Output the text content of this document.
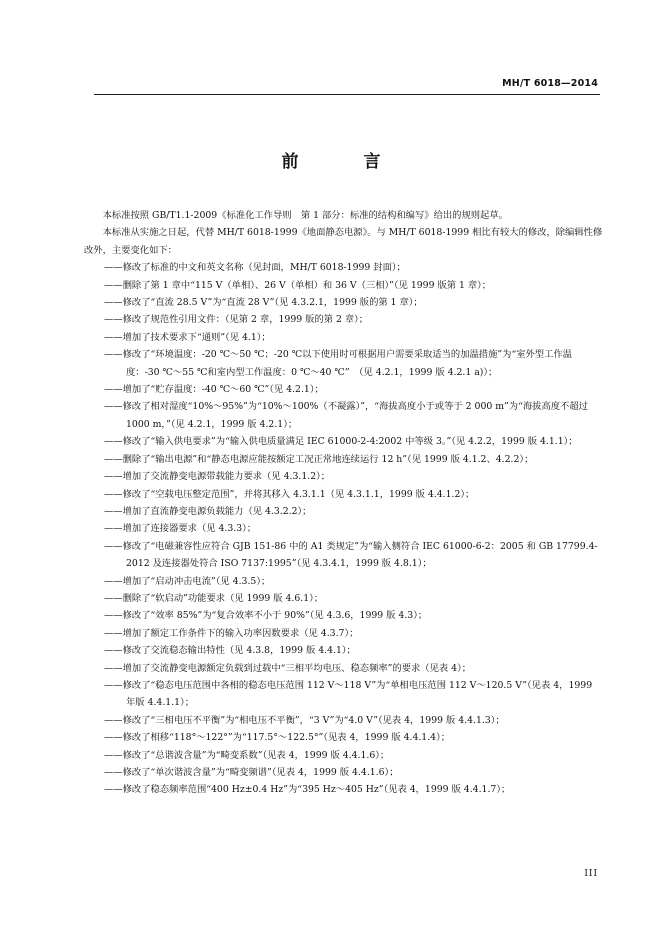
MH/T 6018—2014
前　言

本标准按照 GB/T1.1-2009《标准化工作导则　第 1 部分：标准的结构和编写》给出的规则起草。

本标准从实施之日起，代替 MH/T 6018-1999《地面静态电源》。与 MH/T 6018-1999 相比有较大的修改，除编辑性修改外，主要变化如下：

——修改了标准的中文和英文名称（见封面，MH/T 6018-1999 封面）；

——删除了第 1 章中“115 V（单相）、26 V（单相）和 36 V（三相）”（见 1999 版第 1 章）；

——修改了“直流 28.5 V”为“直流 28 V”（见 4.3.2.1，1999 版的第 1 章）；

——修改了规范性引用文件：（见第 2 章，1999 版的第 2 章）；

——增加了技术要求下“通则”（见 4.1）；

——修改了“环境温度：-20 ℃～50 ℃；-20 ℃以下使用时可根据用户需要采取适当的加温措施”为“室外型工作温度：-30 ℃～55 ℃和室内型工作温度：0 ℃～40 ℃”　（见 4.2.1，1999 版 4.2.1 a)）；

——增加了“贮存温度：-40 ℃～60 ℃”（见 4.2.1）；

——修改了相对湿度“10%～95%”为“10%～100%（不凝露）”，“海拔高度小于或等于 2 000 m”为“海拔高度不超过 1000 m，”（见 4.2.1，1999 版 4.2.1）；

——修改了“输入供电要求”为“输入供电质量满足 IEC 61000-2-4:2002 中等级 3。”（见 4.2.2，1999 版 4.1.1）；

——删除了“输出电源”和“静态电源应能按额定工况正常地连续运行 12 h”（见 1999 版 4.1.2、4.2.2）；

——增加了交流静变电源带载能力要求（见 4.3.1.2）；

——修改了“空载电压整定范围”，并将其移入 4.3.1.1（见 4.3.1.1，1999 版 4.4.1.2）；

——增加了直流静变电源负载能力（见 4.3.2.2）；

——增加了连接器要求（见 4.3.3）；

——修改了“电磁兼容性应符合 GJB 151-86 中的 A1 类规定”为“输入侧符合 IEC 61000-6-2：2005 和 GB 17799.4-2012 及连接器处符合 ISO 7137:1995”（见 4.3.4.1，1999 版 4.8.1）；

——增加了“启动冲击电流”（见 4.3.5）；

——删除了“软启动”功能要求（见 1999 版 4.6.1）；

——修改了“效率 85%”为“复合效率不小于 90%”（见 4.3.6，1999 版 4.3）；

——增加了额定工作条件下的输入功率因数要求（见 4.3.7）；

——修改了交流稳态输出特性（见 4.3.8，1999 版 4.4.1）；

——增加了交流静变电源额定负载到过载中“三相平均电压、稳态频率”的要求（见表 4）；

——修改了“稳态电压范围中各相的稳态电压范围 112 V～118 V”为“单相电压范围 112 V～120.5 V”（见表 4，1999 年版 4.4.1.1）；

——修改了“三相电压不平衡”为“相电压不平衡”，“3 V”为“4.0 V”（见表 4，1999 版 4.4.1.3）；

——修改了相移“118°～122°”为“117.5°～122.5°”（见表 4，1999 版 4.4.1.4）；

——修改了“总谐波含量”为“畸变系数”（见表 4，1999 版 4.4.1.6）；

——修改了“单次谐波含量”为“畸变频谱”（见表 4，1999 版 4.4.1.6）；

——修改了稳态频率范围“400 Hz±0.4 Hz”为“395 Hz～405 Hz”（见表 4，1999 版 4.4.1.7）；

III
